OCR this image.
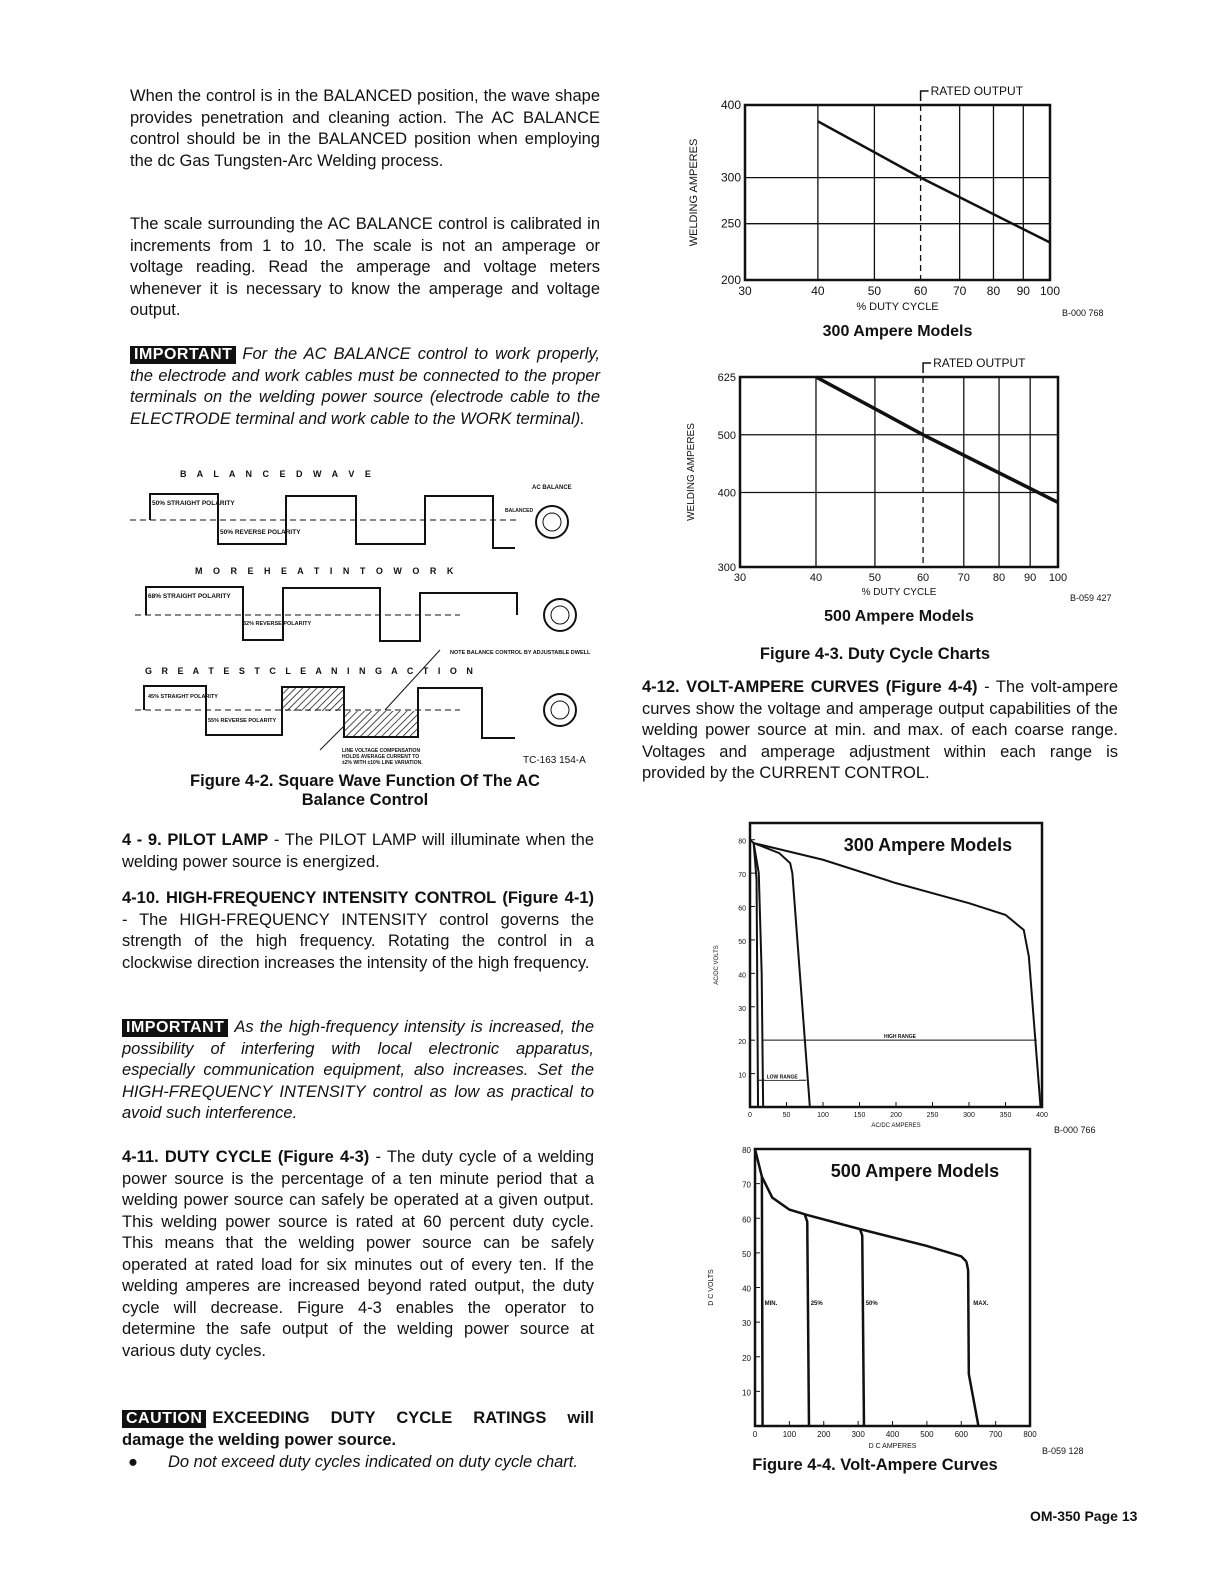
When the control is in the BALANCED position, the wave shape provides penetration and cleaning action. The AC BALANCE control should be in the BALANCED position when employing the dc Gas Tungsten-Arc Welding process.
The scale surrounding the AC BALANCE control is calibrated in increments from 1 to 10. The scale is not an amperage or voltage reading. Read the amperage and voltage meters whenever it is necessary to know the amperage and voltage output.
IMPORTANT For the AC BALANCE control to work properly, the electrode and work cables must be connected to the proper terminals on the welding power source (electrode cable to the ELECTRODE terminal and work cable to the WORK terminal).
B A L A N C E D W A V E
50% STRAIGHT POLARITY
50% REVERSE POLARITY
AC BALANCE
BALANCED
M O R E H E A T I N T O W O R K
68% STRAIGHT POLARITY
32% REVERSE POLARITY
NOTE BALANCE CONTROL BY ADJUSTABLE DWELL
G R E A T E S T C L E A N I N G A C T I O N
45% STRAIGHT POLARITY
55% REVERSE POLARITY
LINE VOLTAGE COMPENSATION
HOLDS AVERAGE CURRENT TO
±2% WITH ±10% LINE VARIATION.	TC-163 154-A
Figure 4-2. Square Wave Function Of The AC
Balance Control
4 - 9. PILOT LAMP - The PILOT LAMP will illuminate when the welding power source is energized.
4-10. HIGH-FREQUENCY INTENSITY CONTROL (Figure 4-1) - The HIGH-FREQUENCY INTENSITY control governs the strength of the high frequency. Rotating the control in a clockwise direction increases the intensity of the high frequency.
IMPORTANT As the high-frequency intensity is increased, the possibility of interfering with local electronic apparatus, especially communication equipment, also increases. Set the HIGH-FREQUENCY INTENSITY control as low as practical to avoid such interference.
4-11. DUTY CYCLE (Figure 4-3) - The duty cycle of a welding power source is the percentage of a ten minute period that a welding power source can safely be operated at a given output. This welding power source is rated at 60 percent duty cycle. This means that the welding power source can be safely operated at rated load for six minutes out of every ten. If the welding amperes are increased beyond rated output, the duty cycle will decrease. Figure 4-3 enables the operator to determine the safe output of the welding power source at various duty cycles.
CAUTION EXCEEDING DUTY CYCLE RATINGS will damage the welding power source.
●	Do not exceed duty cycles indicated on duty cycle chart.
30	40	50	60 70 80 90 100
200
250
300
400
% DUTY CYCLE
WELDING AMPERES
B-000 768
RATED OUTPUT
300 Ampere Models
30	40	50	60	70 80 90 100
300
400
500
625
% DUTY CYCLE
WELDING AMPERES
B-059 427
RATED OUTPUT
500 Ampere Models
Figure 4-3. Duty Cycle Charts
4-12. VOLT-AMPERE CURVES (Figure 4-4) - The volt-ampere curves show the voltage and amperage output capabilities of the welding power source at min. and max. of each coarse range. Voltages and amperage adjustment within each range is provided by the CURRENT CONTROL.
0	50	100	150	200	250	300	350	400
10
20
30
40
50
60
70
80
AC/DC AMPERES
AC/DC VOLTS
B-000 766
300 Ampere Models
HIGH RANGE
LOW RANGE
0	100	200	300	400	500	600	700	800
10
20
30
40
50
60
70
80
D C AMPERES
D C VOLTS
B-059 128
500 Ampere Models
MIN.	25%	50%	MAX.
Figure 4-4. Volt-Ampere Curves
OM-350 Page 13
